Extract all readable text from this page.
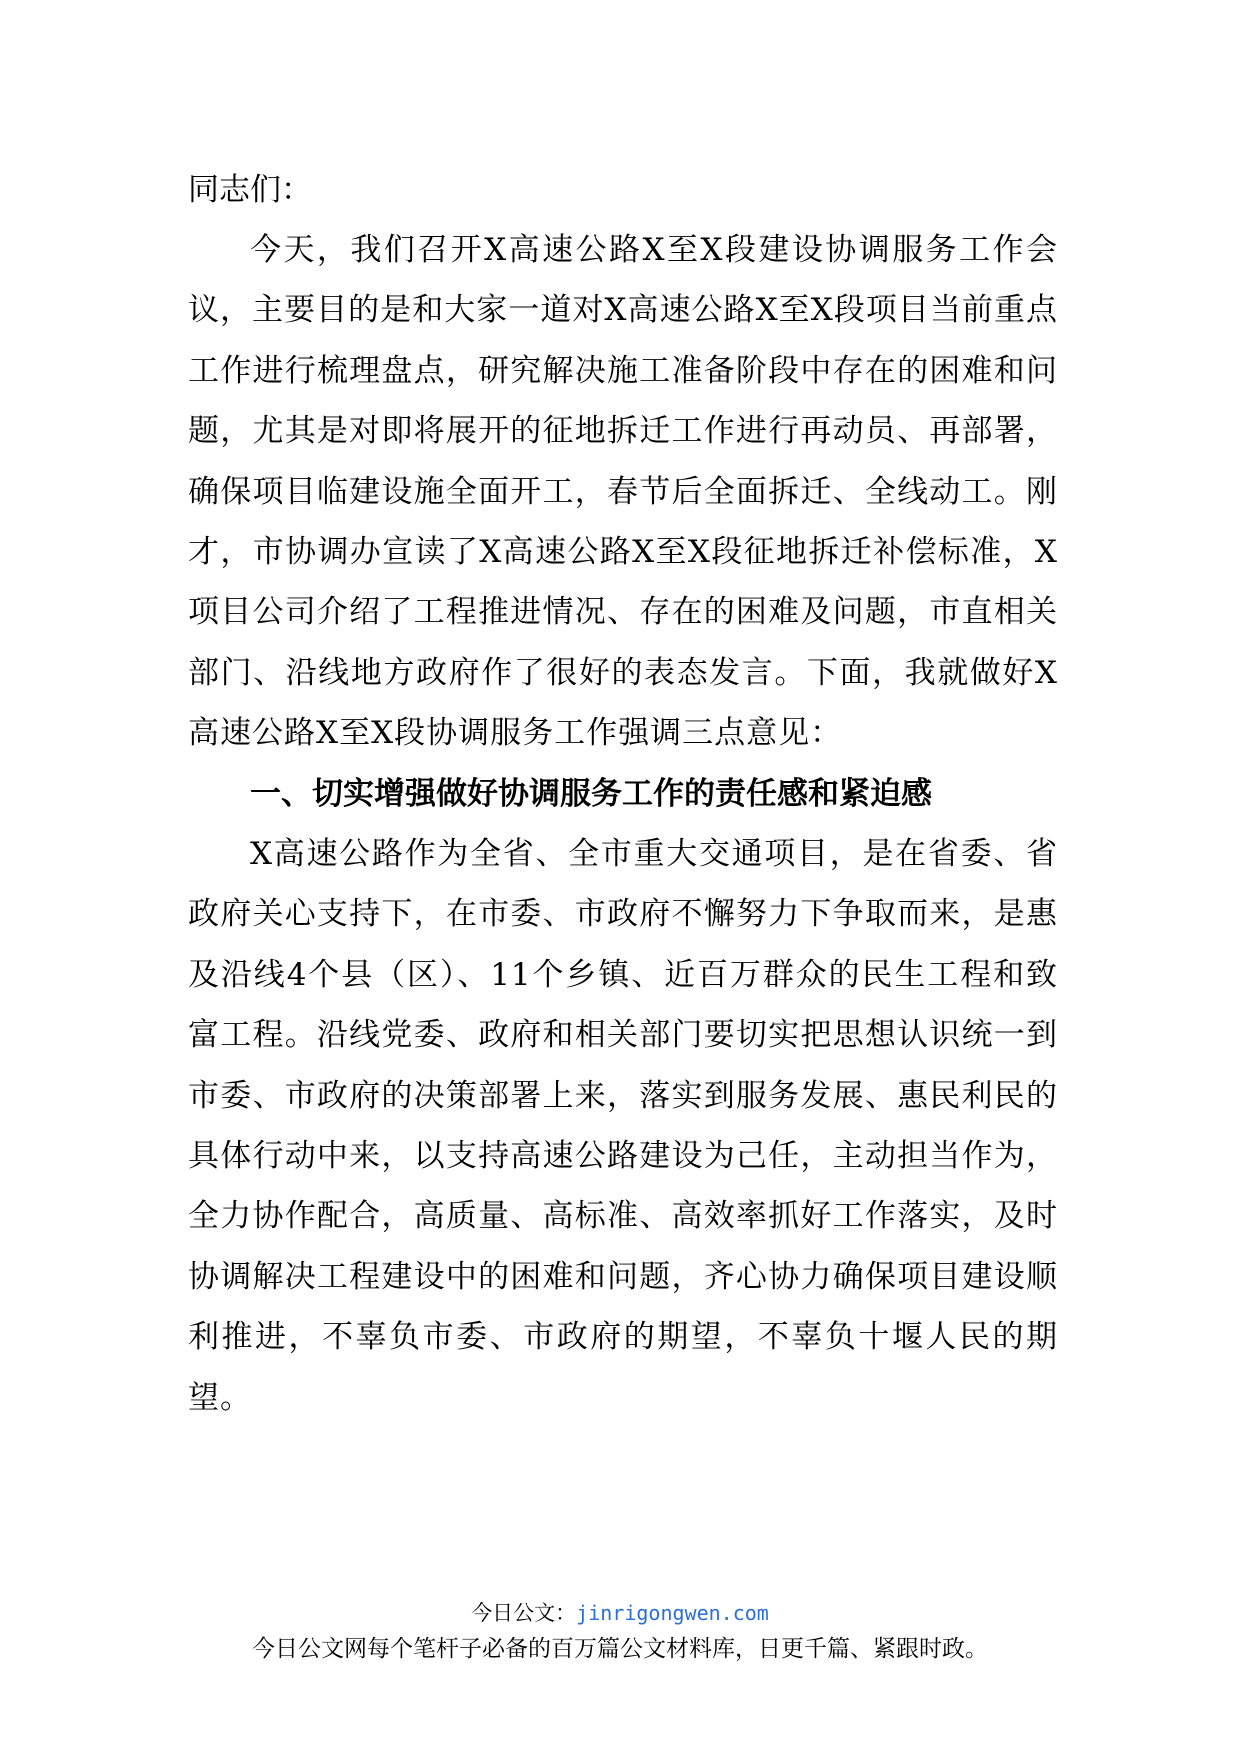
同志们：

今天，我们召开X高速公路X至X段建设协调服务工作会议，主要目的是和大家一道对X高速公路X至X段项目当前重点工作进行梳理盘点，研究解决施工准备阶段中存在的困难和问题，尤其是对即将展开的征地拆迁工作进行再动员、再部署，确保项目临建设施全面开工，春节后全面拆迁、全线动工。刚才，市协调办宣读了X高速公路X至X段征地拆迁补偿标准，X项目公司介绍了工程推进情况、存在的困难及问题，市直相关部门、沿线地方政府作了很好的表态发言。下面，我就做好X高速公路X至X段协调服务工作强调三点意见：

一、切实增强做好协调服务工作的责任感和紧迫感

X高速公路作为全省、全市重大交通项目，是在省委、省政府关心支持下，在市委、市政府不懈努力下争取而来，是惠及沿线4个县（区）、11个乡镇、近百万群众的民生工程和致富工程。沿线党委、政府和相关部门要切实把思想认识统一到市委、市政府的决策部署上来，落实到服务发展、惠民利民的具体行动中来，以支持高速公路建设为己任，主动担当作为，全力协作配合，高质量、高标准、高效率抓好工作落实，及时协调解决工程建设中的困难和问题，齐心协力确保项目建设顺利推进，不辜负市委、市政府的期望，不辜负十堰人民的期望。

今日公文：jinrigongwen.com
今日公文网每个笔杆子必备的百万篇公文材料库，日更千篇、紧跟时政。
